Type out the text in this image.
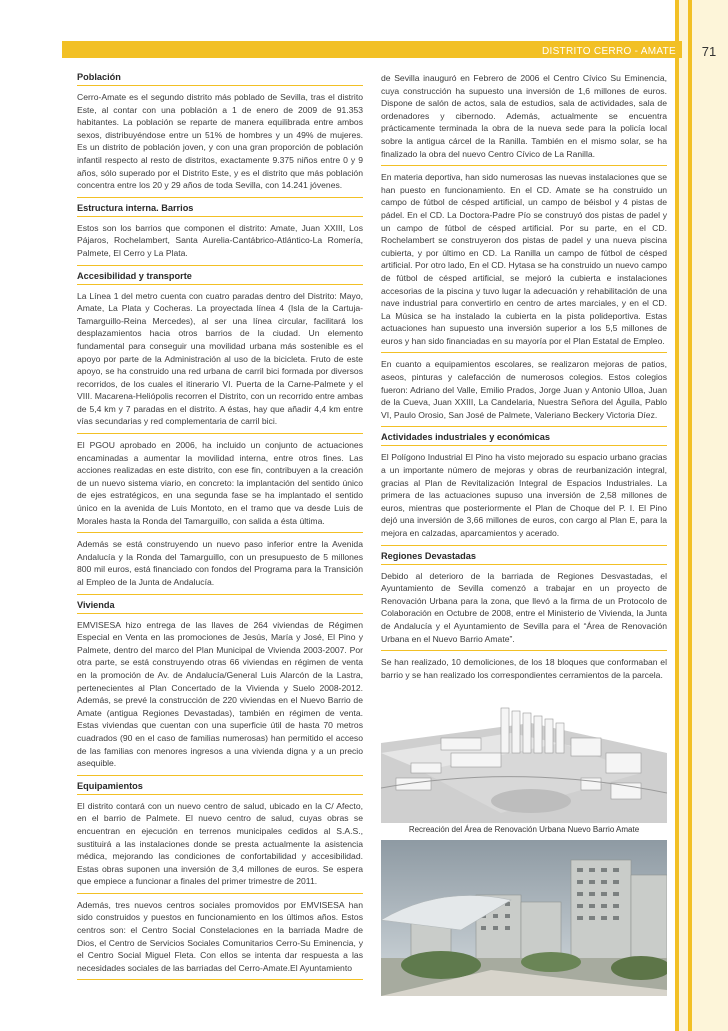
DISTRITO CERRO - AMATE	71
Población

Cerro-Amate es el segundo distrito más poblado de Sevilla, tras el distrito Este, al contar con una población a 1 de enero de 2009 de 91.353 habitantes. La población se reparte de manera equilibrada entre ambos sexos, distribuyéndose entre un 51% de hombres y un 49% de mujeres. Es un distrito de población joven, y con una gran proporción de población infantil respecto al resto de distritos, exactamente 9.375 niños entre 0 y 9 años, sólo superado por el Distrito Este, y es el distrito que más población concentra entre los 20 y 29 años de toda Sevilla, con 14.241 jóvenes.

Estructura interna. Barrios

Estos son los barrios que componen el distrito: Amate, Juan XXIII, Los Pájaros, Rochelambert, Santa Aurelia-Cantábrico-Atlántico-La Romería, Palmete, El Cerro y La Plata.

Accesibilidad y transporte

La Línea 1 del metro cuenta con cuatro paradas dentro del Distrito: Mayo, Amate, La Plata y Cocheras. La proyectada línea 4 (Isla de la Cartuja-Tamarguillo-Reina Mercedes), al ser una línea circular, facilitará los desplazamientos hacia otros barrios de la ciudad. Un elemento fundamental para conseguir una movilidad urbana más sostenible es el apoyo por parte de la Administración al uso de la bicicleta. Fruto de este apoyo, se ha construido una red urbana de carril bici formada por diversos recorridos, de los cuales el itinerario VI. Puerta de la Carne-Palmete y el VIII. Macarena-Heliópolis recorren el Distrito, con un recorrido entre ambas de 5,4 km y 7 paradas en el distrito. A éstas, hay que añadir 4,4 km entre vías secundarias y red complementaria de carril bici.

El PGOU aprobado en 2006, ha incluido un conjunto de actuaciones encaminadas a aumentar la movilidad interna, entre otros fines. Las acciones realizadas en este distrito, con ese fin, contribuyen a la creación de un nuevo sistema viario, en concreto: la implantación del sentido único de ejes estratégicos, en una segunda fase se ha implantado el sentido único en la avenida de Luis Montoto, en el tramo que va desde Luis de Morales hasta la Ronda del Tamarguillo, con salida a ésta última.

Además se está construyendo un nuevo paso inferior entre la Avenida Andalucía y la Ronda del Tamarguillo, con un presupuesto de 5 millones 800 mil euros, está financiado con fondos del Programa para la Transición al Empleo de la Junta de Andalucía.

Vivienda

EMVISESA hizo entrega de las llaves de 264 viviendas de Régimen Especial en Venta en las promociones de Jesús, María y José, El Pino y Palmete, dentro del marco del Plan Municipal de Vivienda 2003-2007. Por otra parte, se está construyendo otras 66 viviendas en régimen de venta en la promoción de Av. de Andalucía/General Luis Alarcón de la Lastra, pertenecientes al Plan Concertado de la Vivienda y Suelo 2008-2012. Además, se prevé la construcción de 220 viviendas en el Nuevo Barrio de Amate (antigua Regiones Devastadas), también en régimen de venta. Estas viviendas que cuentan con una superficie útil de hasta 70 metros cuadrados (90 en el caso de familias numerosas) han permitido el acceso de las familias con menores ingresos a una vivienda digna y a un precio asequible.

Equipamientos

El distrito contará con un nuevo centro de salud, ubicado en la C/ Afecto, en el barrio de Palmete. El nuevo centro de salud, cuyas obras se encuentran en ejecución en terrenos municipales cedidos al S.A.S., sustituirá a las instalaciones donde se presta actualmente la asistencia médica, mejorando las condiciones de confortabilidad y accesibilidad. Estas obras suponen una inversión de 3,4 millones de euros. Se espera que empiece a funcionar a finales del primer trimestre de 2011.

Además, tres nuevos centros sociales promovidos por EMVISESA han sido construidos y puestos en funcionamiento en los últimos años. Estos centros son: el Centro Social Constelaciones en la barriada Madre de Dios, el Centro de Servicios Sociales Comunitarios Cerro-Su Eminencia, y el Centro Social Miguel Fleta. Con ellos se intenta dar respuesta a las necesidades sociales de las barriadas del Cerro-Amate.El Ayuntamiento

de Sevilla inauguró en Febrero de 2006 el Centro Cívico Su Eminencia, cuya construcción ha supuesto una inversión de 1,6 millones de euros. Dispone de salón de actos, sala de estudios, sala de actividades, sala de ordenadores y cibernodo. Además, actualmente se encuentra prácticamente terminada la obra de la nueva sede para la policía local sobre la antigua cárcel de la Ranilla. También en el mismo solar, se ha finalizado la obra del nuevo Centro Cívico de La Ranilla.

En materia deportiva, han sido numerosas las nuevas instalaciones que se han puesto en funcionamiento. En el CD. Amate se ha construido un campo de fútbol de césped artificial, un campo de béisbol y 4 pistas de pádel. En el CD. La Doctora-Padre Pío se construyó dos pistas de padel y un campo de fútbol de césped artificial. Por su parte, en el CD. Rochelambert se construyeron dos pistas de padel y una nueva piscina cubierta, y por último en CD. La Ranilla un campo de fútbol de césped artificial. Por otro lado, En el CD. Hytasa se ha construido un nuevo campo de fútbol de césped artificial, se mejoró la cubierta e instalaciones accesorias de la piscina y tuvo lugar la adecuación y rehabilitación de una nave industrial para convertirlo en centro de artes marciales, y en el CD. La Música se ha instalado la cubierta en la pista polideportiva. Estas actuaciones han supuesto una inversión superior a los 5,5 millones de euros y han sido financiadas en su mayoría por el Plan Estatal de Empleo.

En cuanto a equipamientos escolares, se realizaron mejoras de patios, aseos, pinturas y calefacción de numerosos colegios. Estos colegios fueron: Adriano del Valle, Emilio Prados, Jorge Juan y Antonio Ulloa, Juan de la Cueva, Juan XXIII, La Candelaria, Nuestra Señora del Águila, Pablo VI, Paulo Orosio, San José de Palmete, Valeriano Beckery Victoria Díez.

Actividades industriales y económicas

El Polígono Industrial El Pino ha visto mejorado su espacio urbano gracias a un importante número de mejoras y obras de reurbanización integral, gracias al Plan de Revitalización Integral de Espacios Industriales. La primera de las actuaciones supuso una inversión de 2,58 millones de euros, mientras que posteriormente el Plan de Choque del P. I. El Pino dejó una inversión de 3,66 millones de euros, con cargo al Plan E, para la mejora en calzadas, aparcamientos y acerado.

Regiones Devastadas

Debido al deterioro de la barriada de Regiones Desvastadas, el Ayuntamiento de Sevilla comenzó a trabajar en un proyecto de Renovación Urbana para la zona, que llevó a la firma de un Protocolo de Colaboración en Octubre de 2008, entre el Ministerio de Vivienda, la Junta de Andalucía y el Ayuntamiento de Sevilla para el “Área de Renovación Urbana en el Nuevo Barrio Amate”.

Se han realizado, 10 demoliciones, de los 18 bloques que conformaban el barrio y se han realizado los correspondientes cerramientos de la parcela.

Recreación del Área de Renovación Urbana Nuevo Barrio Amate
